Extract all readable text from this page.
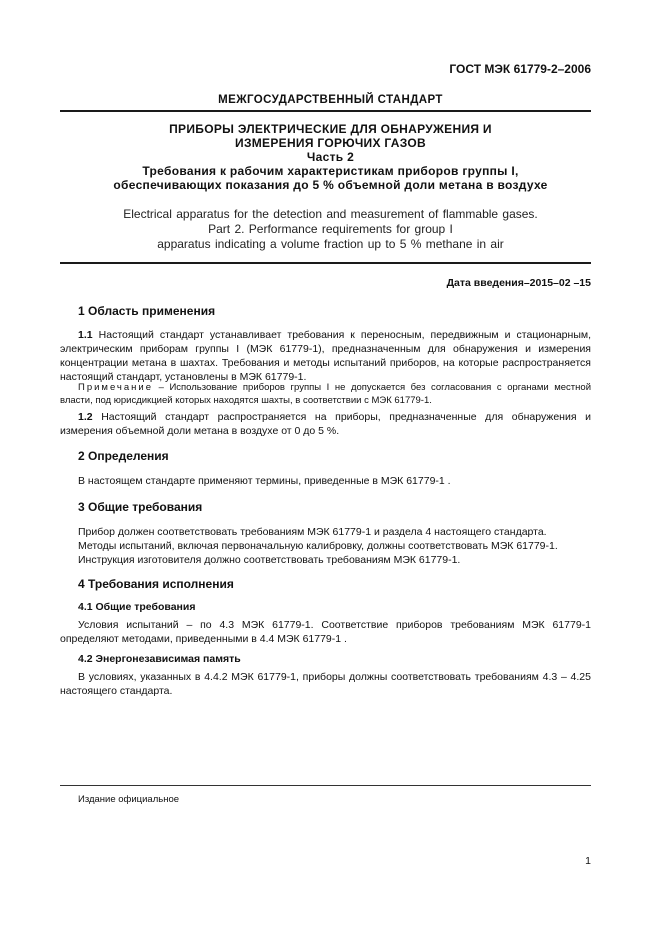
ГОСТ МЭК 61779-2–2006
МЕЖГОСУДАРСТВЕННЫЙ СТАНДАРТ
ПРИБОРЫ ЭЛЕКТРИЧЕСКИЕ ДЛЯ ОБНАРУЖЕНИЯ И
ИЗМЕРЕНИЯ ГОРЮЧИХ ГАЗОВ
Часть 2
Требования к рабочим характеристикам приборов группы I,
обеспечивающих показания до 5 % объемной доли метана в воздухе
Electrical apparatus for the detection and measurement of flammable gases.
Part 2. Performance requirements for group I
apparatus indicating a volume fraction up to 5 % methane in air
Дата введения–2015–02 –15
1 Область применения

1.1 Настоящий стандарт устанавливает требования к переносным, передвижным и стационарным, электрическим приборам группы I (МЭК 61779-1), предназначенным для обнаружения и измерения концентрации метана в шахтах. Требования и методы испытаний приборов, на которые распространяется настоящий стандарт, установлены в МЭК 61779-1.

Примечание – Использование приборов группы I не допускается без согласования с органами местной власти, под юрисдикцией которых находятся шахты, в соответствии с МЭК 61779-1.

1.2 Настоящий стандарт распространяется на приборы, предназначенные для обнаружения и измерения объемной доли метана в воздухе от 0 до 5 %.

2 Определения
В настоящем стандарте применяют термины, приведенные в МЭК 61779-1 .
3 Общие требования
Прибор должен соответствовать требованиям МЭК 61779-1 и раздела 4 настоящего стандарта.
Методы испытаний, включая первоначальную калибровку, должны соответствовать МЭК 61779-1.
Инструкция изготовителя должно соответствовать требованиям МЭК 61779-1.
4 Требования исполнения
4.1 Общие требования

Условия испытаний – по 4.3 МЭК 61779-1. Соответствие приборов требованиям МЭК 61779-1 определяют методами, приведенными в 4.4 МЭК 61779-1 .

4.2 Энергонезависимая память

В условиях, указанных в 4.4.2 МЭК 61779-1, приборы должны соответствовать требованиям 4.3 – 4.25 настоящего стандарта.

Издание официальное
1
